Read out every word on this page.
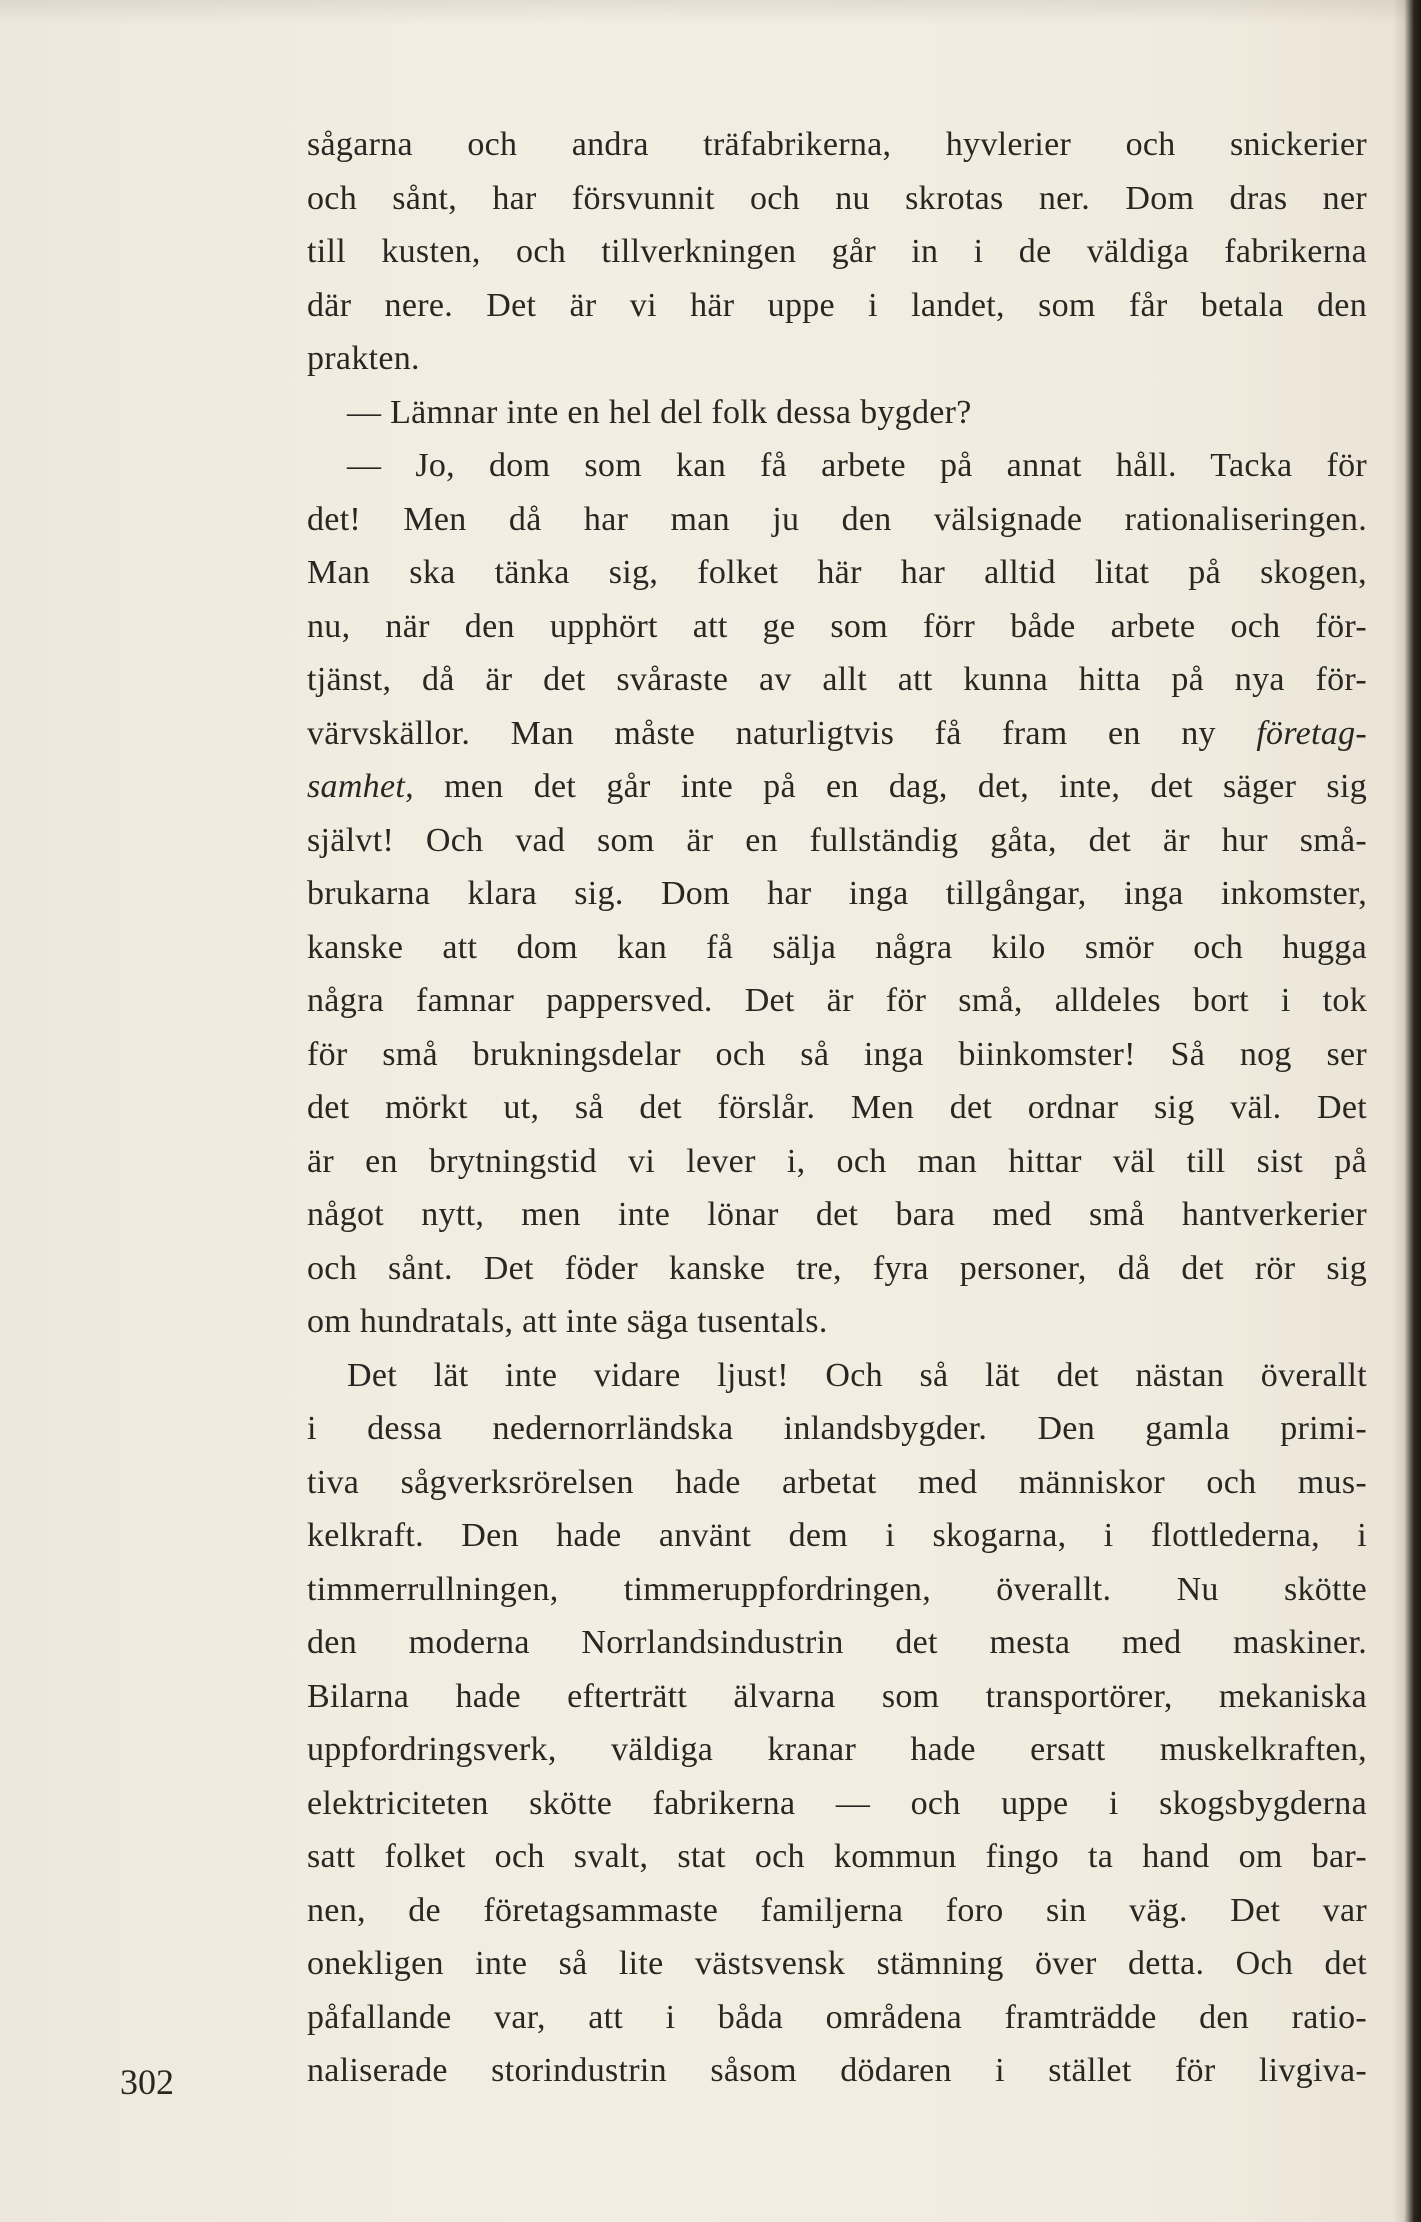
sågarna och andra träfabrikerna, hyvlerier och snickerier
och sånt, har försvunnit och nu skrotas ner. Dom dras ner
till kusten, och tillverkningen går in i de väldiga fabrikerna
där nere. Det är vi här uppe i landet, som får betala den
prakten.
— Lämnar inte en hel del folk dessa bygder?
— Jo, dom som kan få arbete på annat håll. Tacka för
det! Men då har man ju den välsignade rationaliseringen.
Man ska tänka sig, folket här har alltid litat på skogen,
nu, när den upphört att ge som förr både arbete och för-
tjänst, då är det svåraste av allt att kunna hitta på nya för-
värvskällor. Man måste naturligtvis få fram en ny företag-
samhet, men det går inte på en dag, det, inte, det säger sig
självt! Och vad som är en fullständig gåta, det är hur små-
brukarna klara sig. Dom har inga tillgångar, inga inkomster,
kanske att dom kan få sälja några kilo smör och hugga
några famnar pappersved. Det är för små, alldeles bort i tok
för små brukningsdelar och så inga biinkomster! Så nog ser
det mörkt ut, så det förslår. Men det ordnar sig väl. Det
är en brytningstid vi lever i, och man hittar väl till sist på
något nytt, men inte lönar det bara med små hantverkerier
och sånt. Det föder kanske tre, fyra personer, då det rör sig
om hundratals, att inte säga tusentals.
Det lät inte vidare ljust! Och så lät det nästan överallt
i dessa nedernorrländska inlandsbygder. Den gamla primi-
tiva sågverksrörelsen hade arbetat med människor och mus-
kelkraft. Den hade använt dem i skogarna, i flottlederna, i
timmerrullningen, timmeruppfordringen, överallt. Nu skötte
den moderna Norrlandsindustrin det mesta med maskiner.
Bilarna hade efterträtt älvarna som transportörer, mekaniska
uppfordringsverk, väldiga kranar hade ersatt muskelkraften,
elektriciteten skötte fabrikerna — och uppe i skogsbygderna
satt folket och svalt, stat och kommun fingo ta hand om bar-
nen, de företagsammaste familjerna foro sin väg. Det var
onekligen inte så lite västsvensk stämning över detta. Och det
påfallande var, att i båda områdena framträdde den ratio-
naliserade storindustrin såsom dödaren i stället för livgiva-
302
